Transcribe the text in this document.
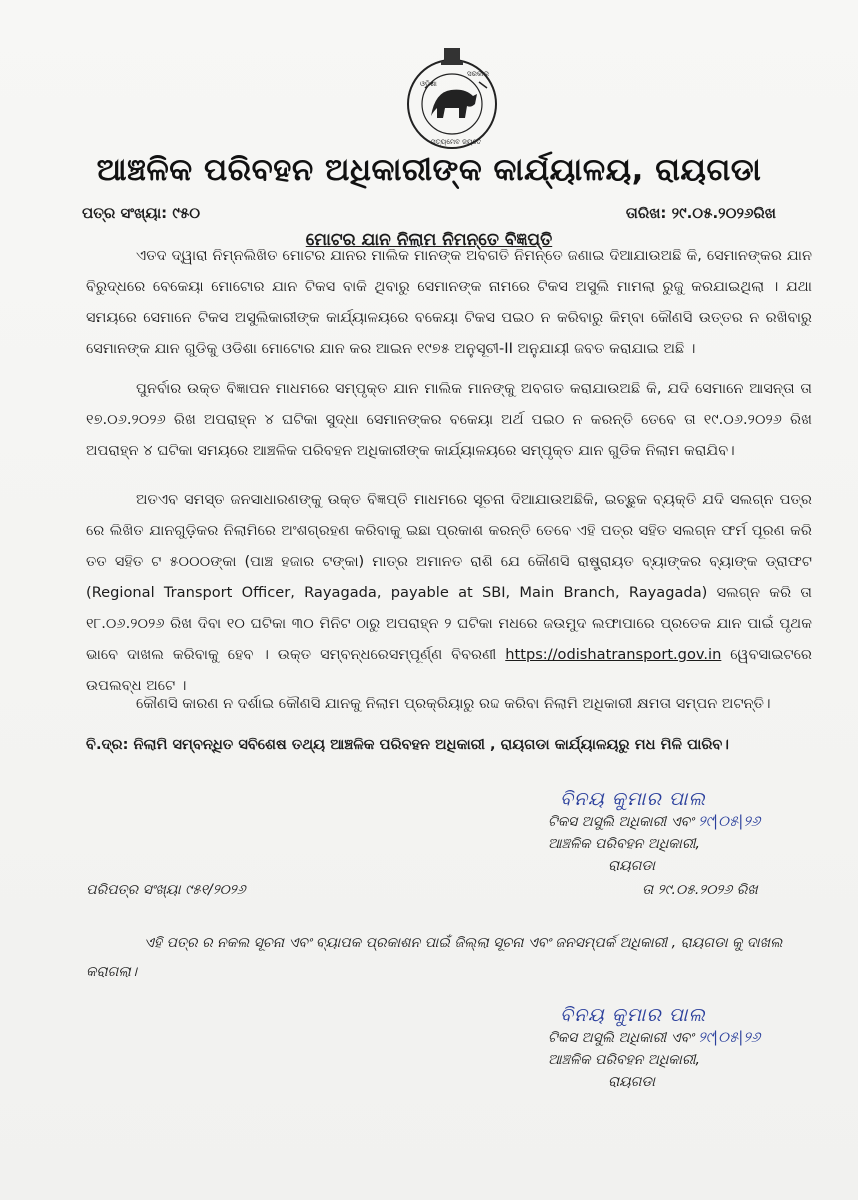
ଓଡ଼ିଶା
ସରକାର
ସତ୍ୟମେବ ଜୟତେ
ଆଞ୍ଚଳିକ ପରିବହନ ଅଧିକାରୀଙ୍କ କାର୍ଯ୍ୟାଳୟ, ରାୟଗଡା
ପତ୍ର ସଂଖ୍ୟା: ୯୫୦	ତାରିଖ: ୨୯.୦୫.୨୦୨୬ରିଖ
ମୋଟର ଯାନ ନିଲାମ ନିମନ୍ତେ ବିଜ୍ଞପ୍ତି

ଏତଦ ଦ୍ୱାରା ନିମ୍ନଲିଖିତ ମୋଟର ଯାନର ମାଲିକ ମାନଙ୍କ ଅବଗତି ନିମନ୍ତେ ଜଣାଇ ଦିଆଯାଉଅଛି କି, ସେମାନଙ୍କର ଯାନ ବିରୁଦ୍ଧରେ ବେକେୟା ମୋଟୋର ଯାନ ଟିକସ ବାକି ଥିବାରୁ ସେମାନଙ୍କ ନାମରେ ଟିକସ ଅସୁଲି ମାମଲା ରୁଜୁ କରଯାଇଥିଲା । ଯଥା ସମୟରେ ସେମାନେ ଟିକସ ଅସୁଲିକାରୀଙ୍କ କାର୍ଯ୍ୟାଳୟରେ ବକେୟା ଟିକସ ପଇଠ ନ କରିବାରୁ କିମ୍ବା କୌଣସି ଉତ୍ତର ନ ରଖିବାରୁ ସେମାନଙ୍କ ଯାନ ଗୁଡିକୁ ଓଡିଶା ମୋଟୋର ଯାନ କର ଆଇନ ୧୯୭୫ ଅନୁସୂଚୀ-II ଅନୁଯାୟୀ ଜବତ କରାଯାଇ ଅଛି ।

ପୁନର୍ବାର ଉକ୍ତ ବିଜ୍ଞାପନ ମାଧମରେ ସମ୍ପୃକ୍ତ ଯାନ ମାଲିକ ମାନଙ୍କୁ ଅବଗତ କରାଯାଉଅଛି କି, ଯଦି ସେମାନେ ଆସନ୍ତା ତା ୧୭.୦୬.୨୦୨୬ ରିଖ ଅପରାହ୍ନ ୪ ଘଟିକା ସୁଦ୍ଧା ସେମାନଙ୍କର ବକେୟା ଅର୍ଥ ପଇଠ ନ କରନ୍ତି ତେବେ ତା ୧୯.୦୬.୨୦୨୬ ରିଖ ଅପରାହ୍ନ ୪ ଘଟିକା ସମୟରେ ଆଞ୍ଚଳିକ ପରିବହନ ଅଧିକାରୀଙ୍କ କାର୍ଯ୍ୟାଳୟରେ ସମ୍ପୃକ୍ତ ଯାନ ଗୁଡିକ ନିଲାମ କରାଯିବ।

ଅତଏବ ସମସ୍ତ ଜନସାଧାରଣଙ୍କୁ ଉକ୍ତ ବିଜ୍ଞପ୍ତି ମାଧମରେ ସୂଚନା ଦିଆଯାଉଅଛିକି, ଇଚ୍ଛୁକ ବ୍ୟକ୍ତି ଯଦି ସଲଗ୍ନ ପତ୍ର ରେ ଲିଖିତ ଯାନଗୁଡ଼ିକର ନିଲାମିରେ ଅଂଶଗ୍ରହଣ କରିବାକୁ ଇଛା ପ୍ରକାଶ କରନ୍ତି ତେବେ ଏହି ପତ୍ର ସହିତ ସଲଗ୍ନ ଫର୍ମ ପୂରଣ କରି ତତ ସହିତ ଟ ୫୦୦୦ଙ୍କା (ପାଞ୍ଚ ହଜାର ଟଙ୍କା) ମାତ୍ର ଅମାନତ ରାଶି ଯେ କୌଣସି ରାଷ୍ଟ୍ରାୟତ ବ୍ୟାଙ୍କର ବ୍ୟାଙ୍କ ଡ୍ରାଫଟ (Regional Transport Officer, Rayagada, payable at SBI, Main Branch, Rayagada) ସଲଗ୍ନ କରି ତା ୧୮.୦୬.୨୦୨୬ ରିଖ ଦିବା ୧୦ ଘଟିକା ୩୦ ମିନିଟ ଠାରୁ ଅପରାହ୍ନ ୨ ଘଟିକା ମଧରେ ଜଉମୁଦ ଲଫାପାରେ ପ୍ରତେକ ଯାନ ପାଇଁ ପୃଥକ ଭାବେ ଦାଖଲ କରିବାକୁ ହେବ । ଉକ୍ତ ସମ୍ବନ୍ଧରେସମ୍ପୂର୍ଣ୍ଣ ବିବରଣୀ https://odishatransport.gov.in ୱେବସାଇଟରେ ଉପଲବ୍ଧ ଅଟେ ।

କୌଣସି କାରଣ ନ ଦର୍ଶାଇ କୌଣସି ଯାନକୁ ନିଲାମ ପ୍ରକ୍ରିୟାରୁ ରଦ୍ଦ କରିବା ନିଲାମି ଅଧିକାରୀ କ୍ଷମତା ସମ୍ପନ ଅଟନ୍ତି।

ବି.ଦ୍ର: ନିଲାମି ସମ୍ବନ୍ଧିତ ସବିଶେଷ ତଥ୍ୟ ଆଞ୍ଚଳିକ ପରିବହନ ଅଧିକାରୀ , ରାୟଗଡା କାର୍ଯ୍ୟାଳୟରୁ ମଧ ମିଳି ପାରିବ।

ବିନୟ କୁମାର ପାଲ

ଟିକସ ଅସୁଲି ଅଧିକାରୀ ଏବଂ ୨୯|୦୫|୨୬

ଆଞ୍ଚଳିକ ପରିବହନ ଅଧିକାରୀ,

ରାୟଗଡା

ପରିପତ୍ର ସଂଖ୍ୟା ୯୫୧/୨୦୨୬	ତା ୨୯.୦୫.୨୦୨୬ ରିଖ

ଏହି ପତ୍ର ର ନକଲ ସୂଚନା ଏବଂ ବ୍ୟାପକ ପ୍ରକାଶନ ପାଇଁ ଜିଲ୍ଲା ସୂଚନା ଏବଂ ଜନସମ୍ପର୍କ ଅଧିକାରୀ , ରାୟଗଡା କୁ ଦାଖଲ କରାଗଲା।

ବିନୟ କୁମାର ପାଲ

ଟିକସ ଅସୁଲି ଅଧିକାରୀ ଏବଂ ୨୯|୦୫|୨୬

ଆଞ୍ଚଳିକ ପରିବହନ ଅଧିକାରୀ,

ରାୟଗଡା
